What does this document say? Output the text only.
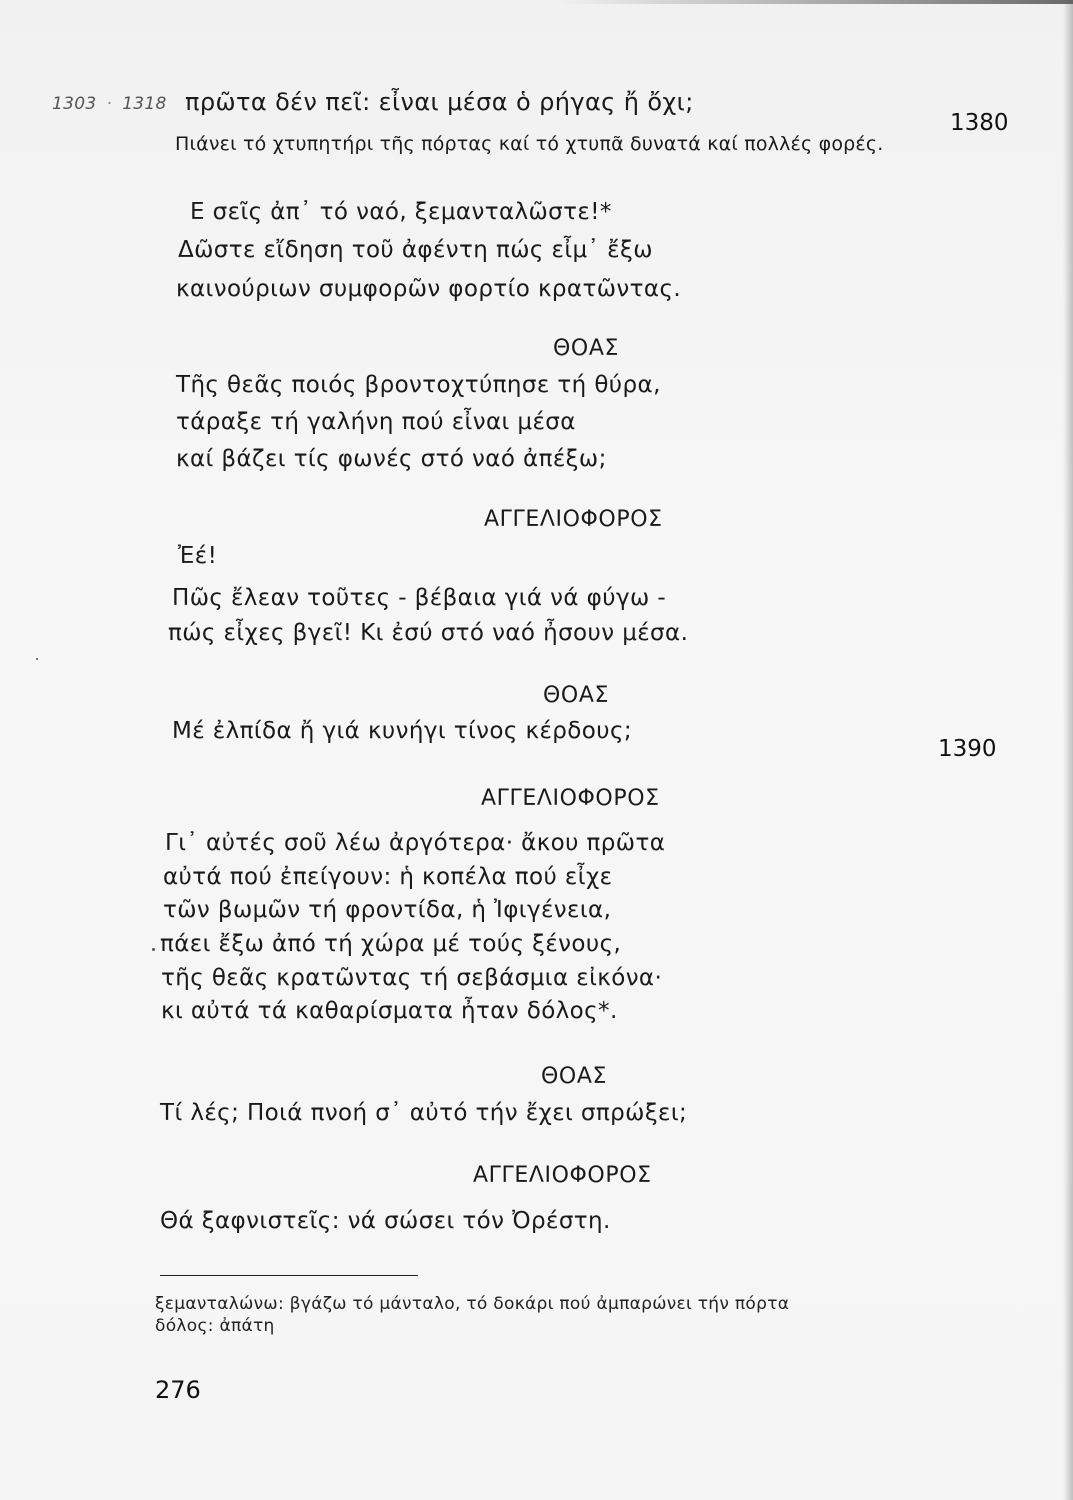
1303 · 1318 πρῶτα δέν πεῖ: εἶναι μέσα ὁ ρήγας ἤ ὄχι;
1380
Πιάνει τό χτυπητήρι τῆς πόρτας καί τό χτυπᾶ δυνατά καί πολλές φορές.
Ε σεῖς ἀπ᾿ τό ναό, ξεμανταλῶστε!*
Δῶστε εἴδηση τοῦ ἀφέντη πώς εἶμ᾿ ἔξω
καινούριων συμφορῶν φορτίο κρατῶντας.
ΘΟΑΣ
Τῆς θεᾶς ποιός βροντοχτύπησε τή θύρα,
τάραξε τή γαλήνη πού εἶναι μέσα
καί βάζει τίς φωνές στό ναό ἀπέξω;
ΑΓΓΕΛΙΟΦΟΡΟΣ
Ἐέ!
Πῶς ἔλεαν τοῦτες - βέβαια γιά νά φύγω -
πώς εἶχες βγεῖ! Κι ἐσύ στό ναό ἦσουν μέσα.
ΘΟΑΣ
Μέ ἐλπίδα ἤ γιά κυνήγι τίνος κέρδους;
1390
ΑΓΓΕΛΙΟΦΟΡΟΣ
Γι᾿ αὐτές σοῦ λέω ἀργότερα· ἄκου πρῶτα
αὐτά πού ἐπείγουν: ἡ κοπέλα πού εἶχε
τῶν βωμῶν τή φροντίδα, ἡ Ἰφιγένεια,
πάει ἔξω ἀπό τή χώρα μέ τούς ξένους,
τῆς θεᾶς κρατῶντας τή σεβάσμια εἰκόνα·
κι αὐτά τά καθαρίσματα ἦταν δόλος*.
ΘΟΑΣ
Τί λές; Ποιά πνοή σ᾿ αὐτό τήν ἔχει σπρώξει;
ΑΓΓΕΛΙΟΦΟΡΟΣ
Θά ξαφνιστεῖς: νά σώσει τόν Ὀρέστη.
ξεμανταλώνω: βγάζω τό μάνταλο, τό δοκάρι πού ἀμπαρώνει τήν πόρτα
δόλος: ἀπάτη
276
